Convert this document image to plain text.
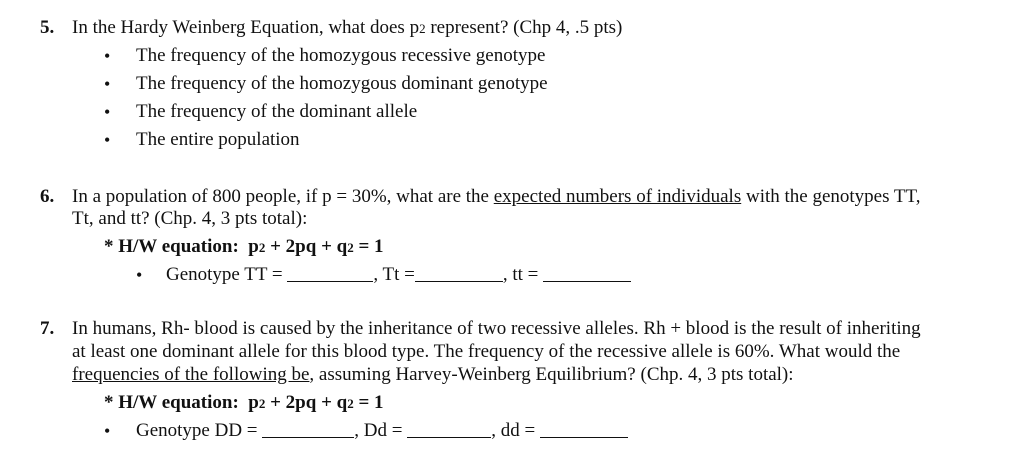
5. In the Hardy Weinberg Equation, what does p2 represent? (Chp 4, .5 pts)
• The frequency of the homozygous recessive genotype
• The frequency of the homozygous dominant genotype
• The frequency of the dominant allele
• The entire population
6. In a population of 800 people, if p = 30%, what are the expected numbers of individuals with the genotypes TT,
Tt, and tt? (Chp. 4, 3 pts total):
* H/W equation: p2 + 2pq + q2 = 1
• Genotype TT =	, Tt =	, tt =
7. In humans, Rh- blood is caused by the inheritance of two recessive alleles. Rh + blood is the result of inheriting
at least one dominant allele for this blood type. The frequency of the recessive allele is 60%. What would the
frequencies of the following be, assuming Harvey-Weinberg Equilibrium? (Chp. 4, 3 pts total):
* H/W equation: p2 + 2pq + q2 = 1
• Genotype DD =	, Dd =	, dd =
